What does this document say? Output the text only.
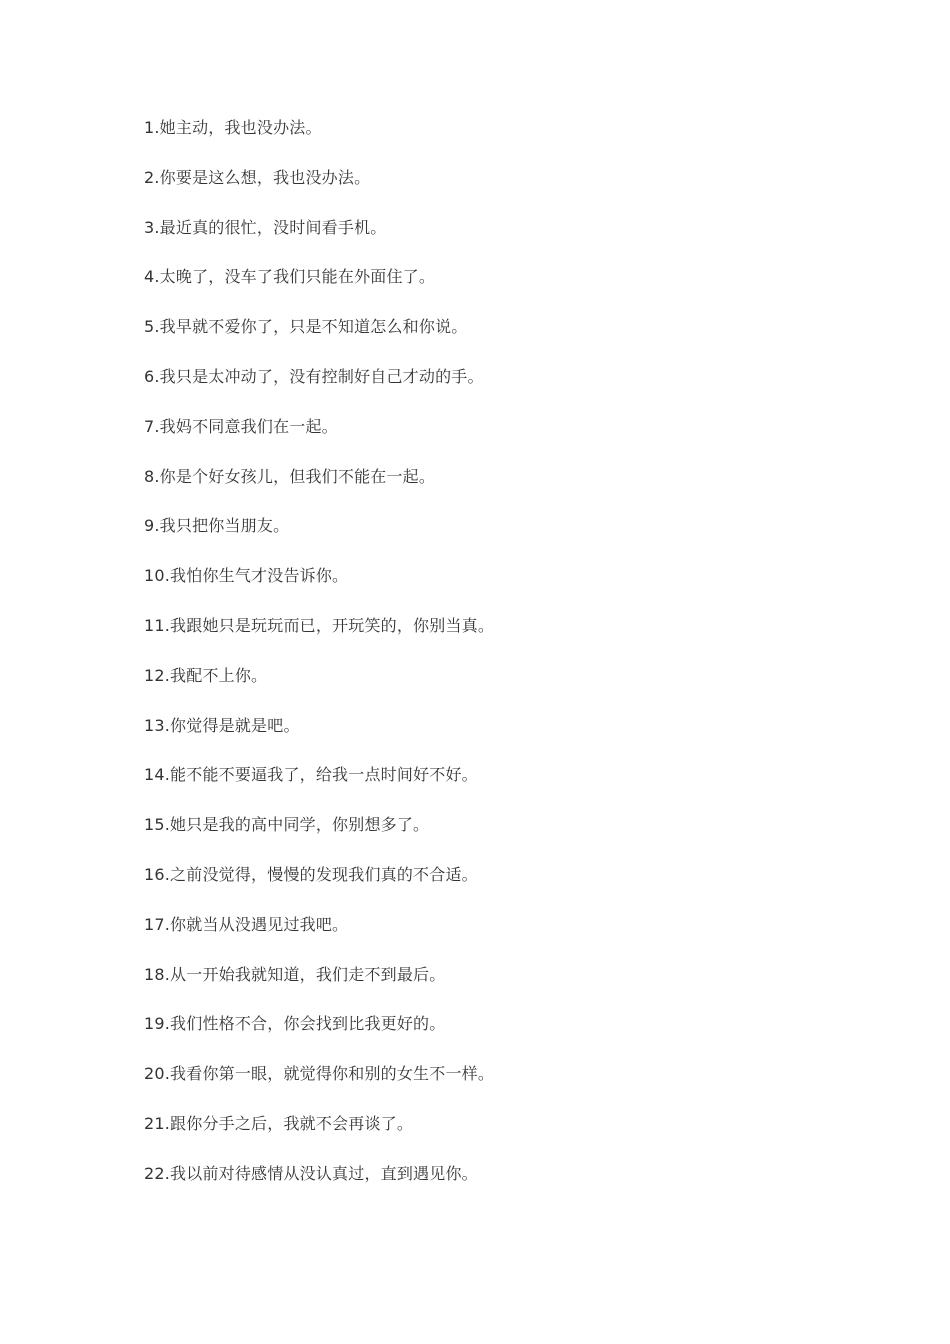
1.她主动，我也没办法。
2.你要是这么想，我也没办法。
3.最近真的很忙，没时间看手机。
4.太晚了，没车了我们只能在外面住了。
5.我早就不爱你了，只是不知道怎么和你说。
6.我只是太冲动了，没有控制好自己才动的手。
7.我妈不同意我们在一起。
8.你是个好女孩儿，但我们不能在一起。
9.我只把你当朋友。
10.我怕你生气才没告诉你。
11.我跟她只是玩玩而已，开玩笑的，你别当真。
12.我配不上你。
13.你觉得是就是吧。
14.能不能不要逼我了，给我一点时间好不好。
15.她只是我的高中同学，你别想多了。
16.之前没觉得，慢慢的发现我们真的不合适。
17.你就当从没遇见过我吧。
18.从一开始我就知道，我们走不到最后。
19.我们性格不合，你会找到比我更好的。
20.我看你第一眼，就觉得你和别的女生不一样。
21.跟你分手之后，我就不会再谈了。
22.我以前对待感情从没认真过，直到遇见你。
